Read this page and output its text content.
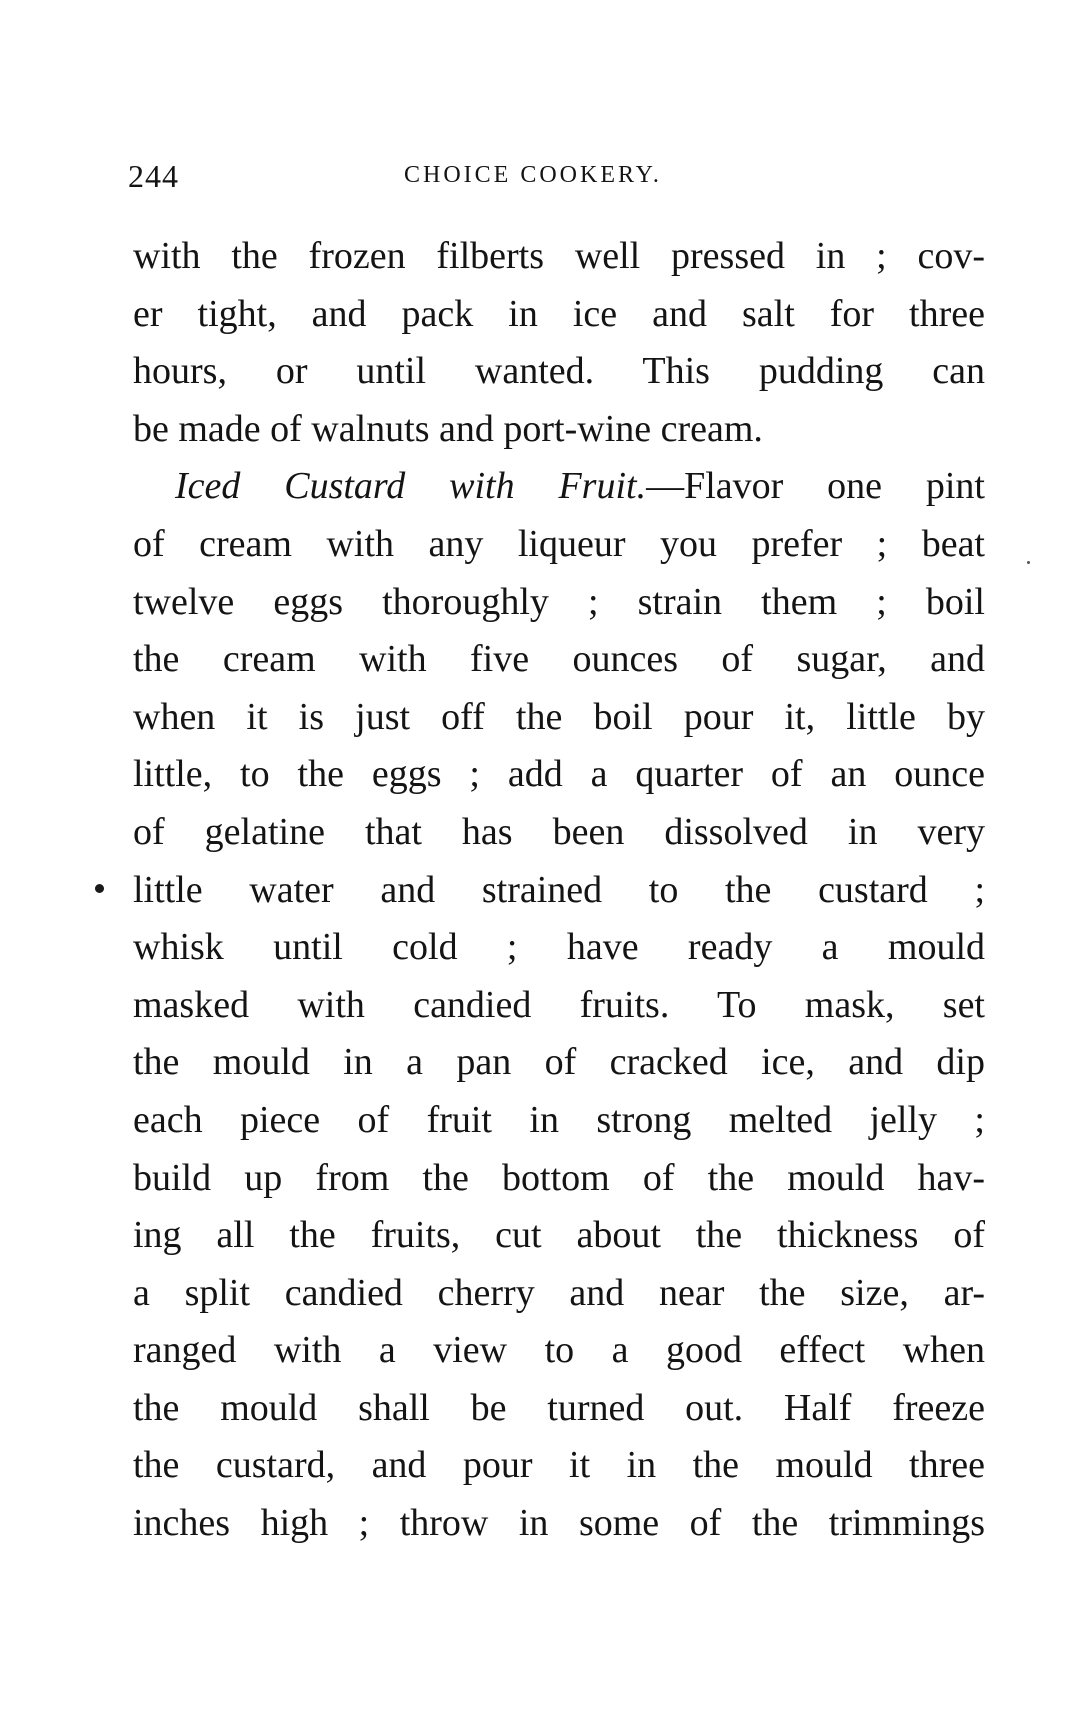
244	CHOICE COOKERY.
with the frozen filberts well pressed in ; cov-
er tight, and pack in ice and salt for three
hours, or until wanted. This pudding can
be made of walnuts and port-wine cream.
Iced Custard with Fruit.—Flavor one pint
of cream with any liqueur you prefer ; beat
twelve eggs thoroughly ; strain them ; boil
the cream with five ounces of sugar, and
when it is just off the boil pour it, little by
little, to the eggs ; add a quarter of an ounce
of gelatine that has been dissolved in very
little water and strained to the custard ;
whisk until cold ; have ready a mould
masked with candied fruits. To mask, set
the mould in a pan of cracked ice, and dip
each piece of fruit in strong melted jelly ;
build up from the bottom of the mould hav-
ing all the fruits, cut about the thickness of
a split candied cherry and near the size, ar-
ranged with a view to a good effect when
the mould shall be turned out. Half freeze
the custard, and pour it in the mould three
inches high ; throw in some of the trimmings
